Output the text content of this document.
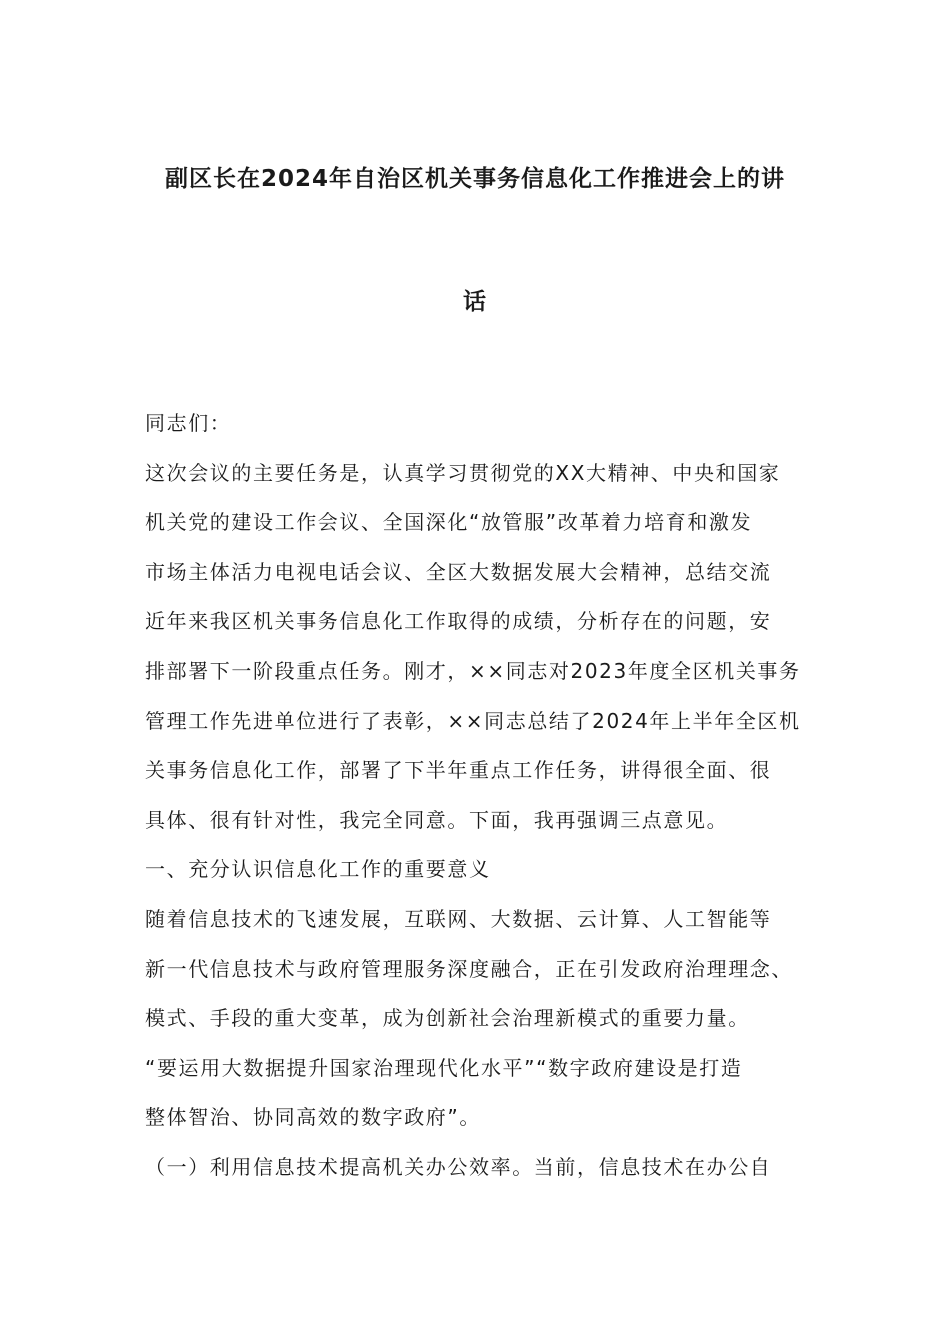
副区长在2024年自治区机关事务信息化工作推进会上的讲
话
同志们：
这次会议的主要任务是，认真学习贯彻党的XX大精神、中央和国家
机关党的建设工作会议、全国深化“放管服”改革着力培育和激发
市场主体活力电视电话会议、全区大数据发展大会精神，总结交流
近年来我区机关事务信息化工作取得的成绩，分析存在的问题，安
排部署下一阶段重点任务。刚才，××同志对2023年度全区机关事务
管理工作先进单位进行了表彰，××同志总结了2024年上半年全区机
关事务信息化工作，部署了下半年重点工作任务，讲得很全面、很
具体、很有针对性，我完全同意。下面，我再强调三点意见。
一、充分认识信息化工作的重要意义
随着信息技术的飞速发展，互联网、大数据、云计算、人工智能等
新一代信息技术与政府管理服务深度融合，正在引发政府治理理念、
模式、手段的重大变革，成为创新社会治理新模式的重要力量。
“要运用大数据提升国家治理现代化水平”“数字政府建设是打造
整体智治、协同高效的数字政府”。
（一）利用信息技术提高机关办公效率。当前，信息技术在办公自
